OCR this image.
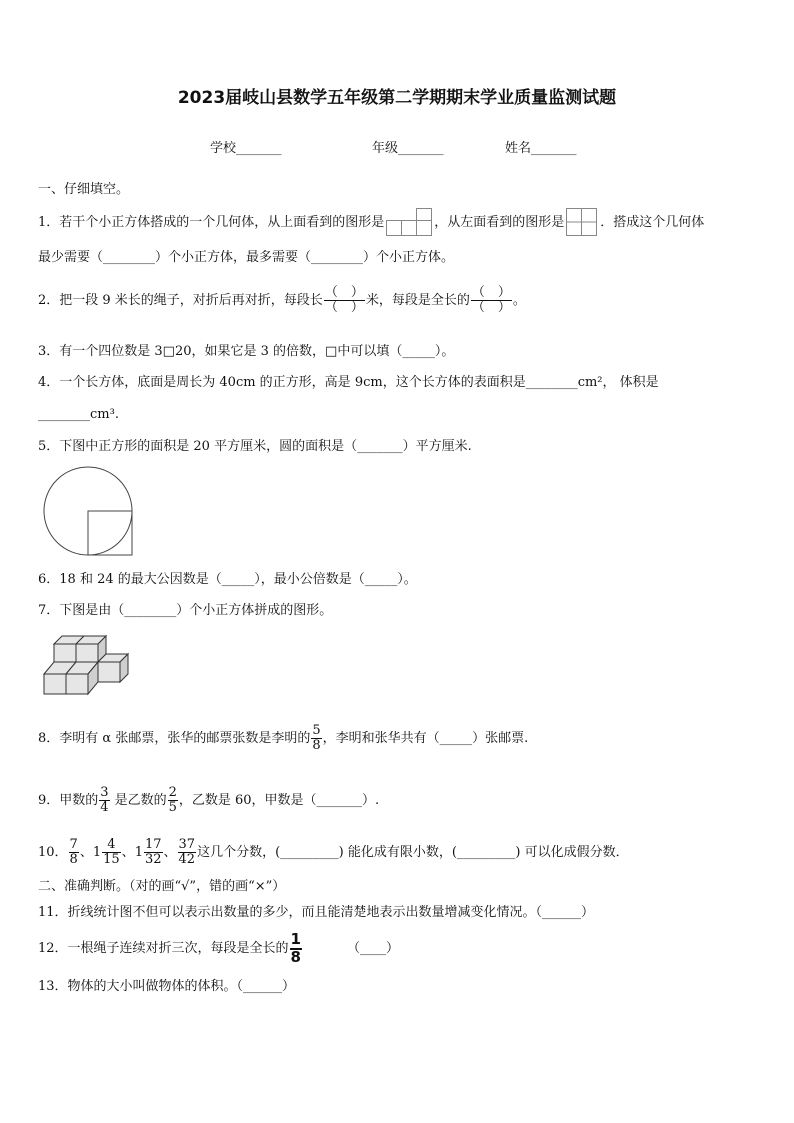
2023届岐山县数学五年级第二学期期末学业质量监测试题
学校_______	年级_______	姓名_______
一、仔细填空。
1．若干个小正方体搭成的一个几何体，从上面看到的图形是	，从左面看到的图形是	．搭成这个几何体
最少需要（________）个小正方体，最多需要（________）个小正方体。
2．把一段 9 米长的绳子，对折后再对折，每段长 $\frac{( )}{( )}$ 米，每段是全长的 $\frac{( )}{( )}$ 。
3．有一个四位数是 3□20，如果它是 3 的倍数，□中可以填（_____）。
4．一个长方体，底面是周长为 40cm 的正方形，高是 9cm，这个长方体的表面积是________cm²， 体积是
________cm³.
5．下图中正方形的面积是 20 平方厘米，圆的面积是（_______）平方厘米.
6．18 和 24 的最大公因数是（_____），最小公倍数是（_____）。
7．下图是由（________）个小正方体拼成的图形。
8．李明有 α 张邮票，张华的邮票张数是李明的 $\frac{5}{8}$ ，李明和张华共有（_____）张邮票.
9．甲数的 $\frac{3}{4}$ 是乙数的 $\frac{2}{5}$ ，乙数是 60，甲数是（_______）.
10． $\frac{7}{8}$ 、 $1 \frac{4}{15}$ 、 $1 \frac{17}{32}$ 、 $\frac{37}{42}$ 这几个分数，(_________) 能化成有限小数，(_________) 可以化成假分数．
二、准确判断。（对的画“√”，错的画“×”）
11．折线统计图不但可以表示出数量的多少，而且能清楚地表示出数量增减变化情况。（______）
12．一根绳子连续对折三次，每段是全长的 $\frac{1}{8}$	（____）
13．物体的大小叫做物体的体积。（______）
